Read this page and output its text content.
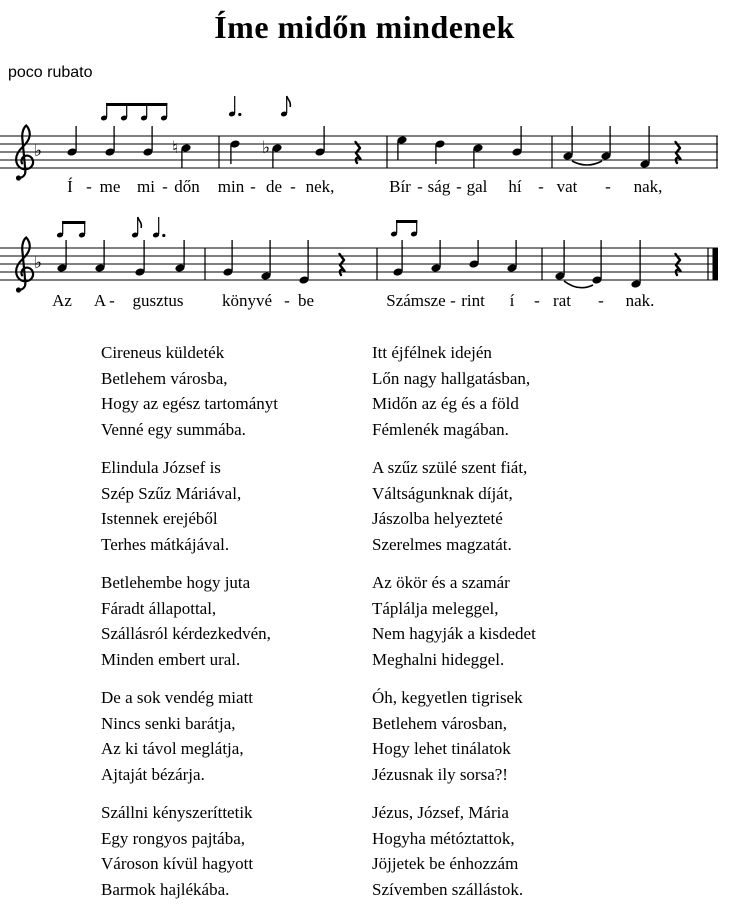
Íme midőn mindenek
poco rubato
♭	♮	♭
Í - me mi - dőn min - de - nek,	Bír - ság - gal hí - vat - nak,
♭
Az A - gusztus könyvé - be	Számsze - rint í - rat - nak.
Cireneus küldeték
Betlehem városba,
Hogy az egész tartományt
Venné egy summába.
Itt éjfélnek idején
Lőn nagy hallgatásban,
Midőn az ég és a föld
Fémlenék magában.
Elindula József is
Szép Szűz Máriával,
Istennek erejéből
Terhes mátkájával.
A szűz szülé szent fiát,
Váltságunknak díját,
Jászolba helyezteté
Szerelmes magzatát.
Betlehembe hogy juta
Fáradt állapottal,
Szállásról kérdezkedvén,
Minden embert ural.
Az ökör és a szamár
Táplálja meleggel,
Nem hagyják a kisdedet
Meghalni hideggel.
De a sok vendég miatt
Nincs senki barátja,
Az ki távol meglátja,
Ajtaját bézárja.
Óh, kegyetlen tigrisek
Betlehem városban,
Hogy lehet tinálatok
Jézusnak ily sorsa?!
Szállni kényszeríttetik
Egy rongyos pajtába,
Városon kívül hagyott
Barmok hajlékába.
Jézus, József, Mária
Hogyha métóztattok,
Jöjjetek be énhozzám
Szívemben szállástok.
